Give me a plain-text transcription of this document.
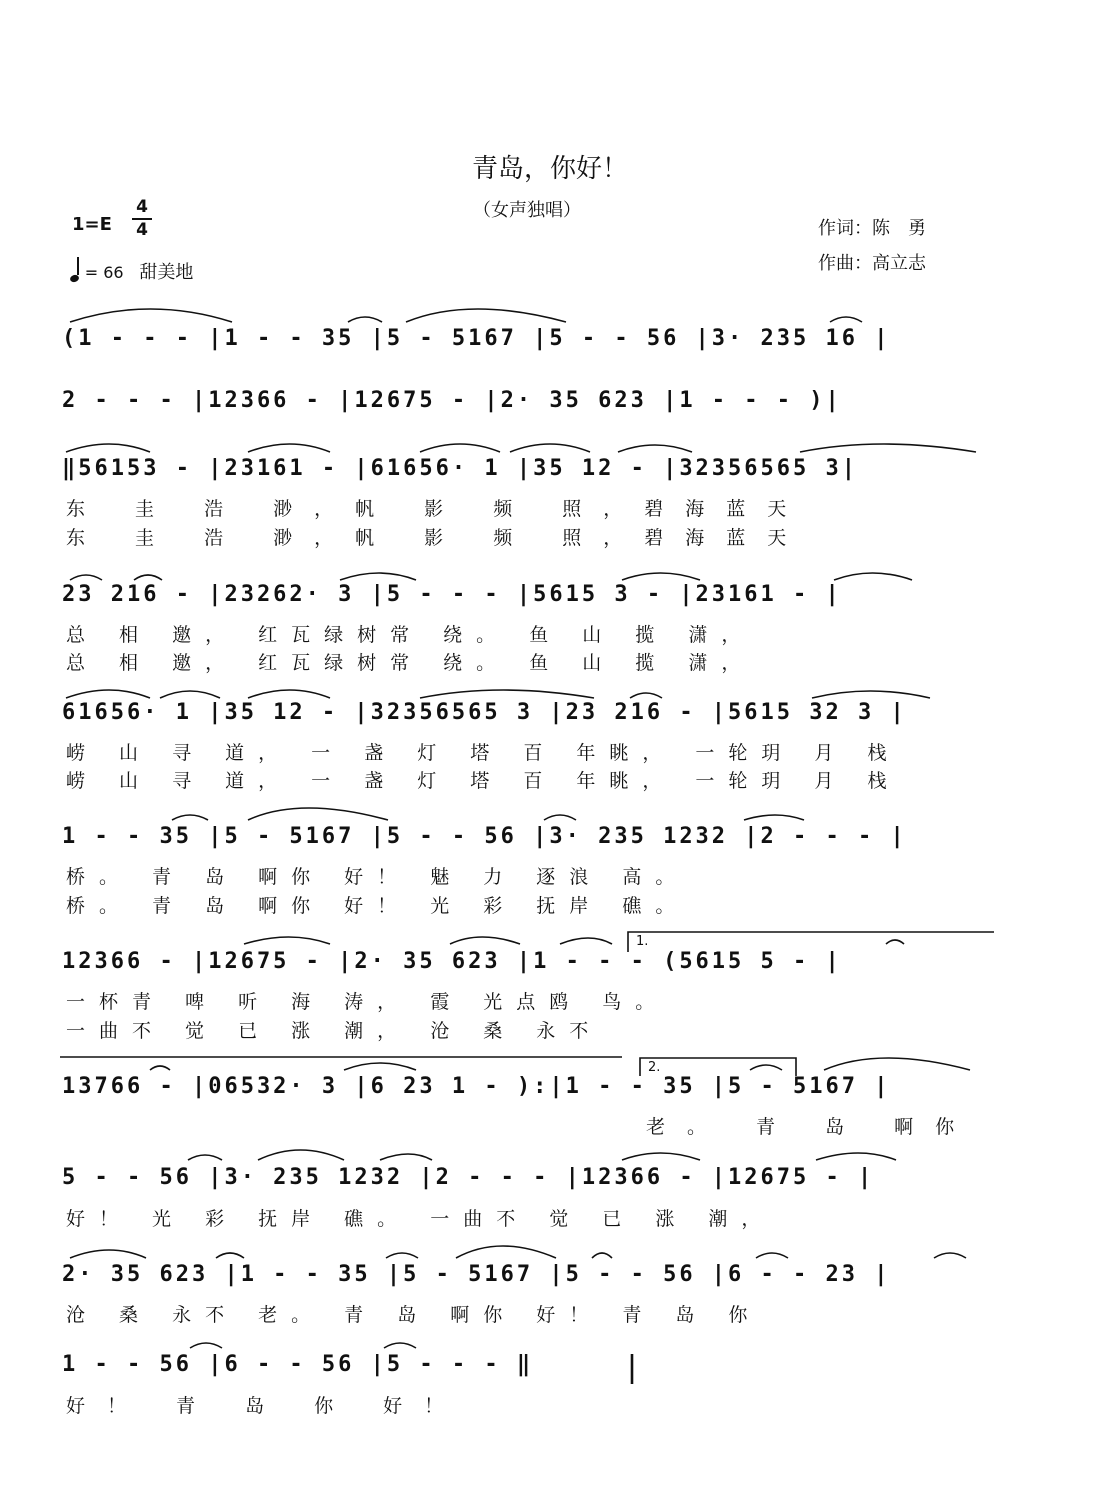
青岛，你好！
（女声独唱）
作词：陈　勇
作曲：高立志
1=E
4
4
= 66 甜美地
(1 - - - |1 - - 35 |5 - 5167 |5 - - 56 |3· 235 16 |
2 - - - |12366 - |12675 - |2· 35 623 |1 - - - )|
‖56153 - |23161 - |61656· 1 |35 12 - |32356565 3|
东 圭 浩 渺，帆 影 频 照，碧海蓝天
东 圭 浩 渺，帆 影 频 照，碧海蓝天
23 216 - |23262· 3 |5 - - - |5615 3 - |23161 - |
总 相 邀， 红瓦绿树常 绕。 鱼 山 揽 潇，
总 相 邀， 红瓦绿树常 绕。 鱼 山 揽 潇，
61656· 1 |35 12 - |32356565 3 |23 216 - |5615 32 3 |
崂 山 寻 道， 一 盏 灯 塔 百 年眺， 一轮玥 月 栈
崂 山 寻 道， 一 盏 灯 塔 百 年眺， 一轮玥 月 栈
1 - - 35 |5 - 5167 |5 - - 56 |3· 235 1232 |2 - - - |
桥。 青 岛 啊你 好！ 魅 力 逐浪 高。
桥。 青 岛 啊你 好！ 光 彩 抚岸 礁。
1.
12366 - |12675 - |2· 35 623 |1 - - - (5615 5 - |
一杯青 啤 听 海 涛， 霞 光点鸥 鸟。
一曲不 觉 已 涨 潮， 沧 桑 永不
2.
13766 - |06532· 3 |6 23 1 - ):|1 - - 35 |5 - 5167 |
老。 青 岛 啊你
5 - - 56 |3· 235 1232 |2 - - - |12366 - |12675 - |
好！ 光 彩 抚岸 礁。 一曲不 觉 已 涨 潮，
2· 35 623 |1 - - 35 |5 - 5167 |5 - - 56 |6 - - 23 |
沧 桑 永不 老。 青 岛 啊你 好！ 青 岛 你
1 - - 56 |6 - - 56 |5 - - - ‖
好！ 青 岛 你 好！
